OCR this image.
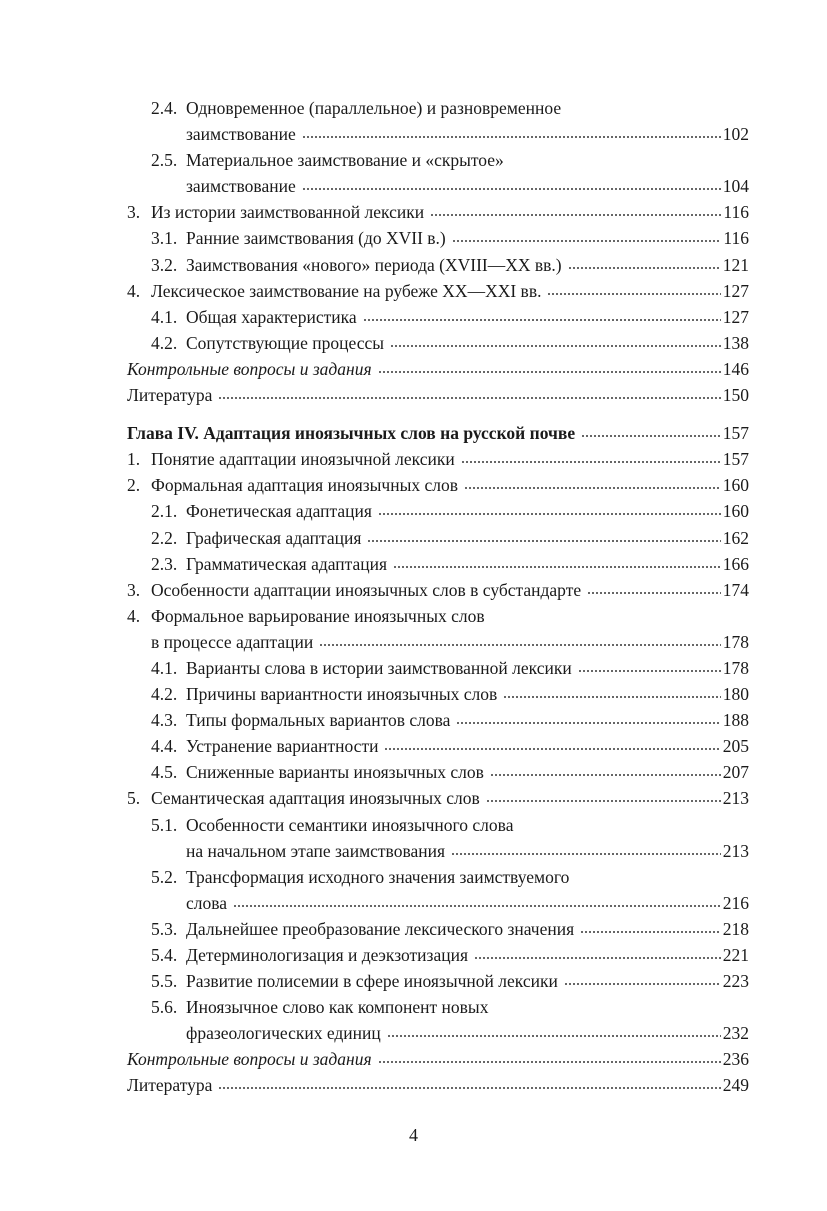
2.4. Одновременное (параллельное) и разновременное
заимствование	102
2.5. Материальное заимствование и «скрытое»
заимствование	104
3. Из истории заимствованной лексики	116
3.1. Ранние заимствования (до XVII в.)	116
3.2. Заимствования «нового» периода (XVIII—XX вв.)	121
4. Лексическое заимствование на рубеже XX—XXI вв.	127
4.1. Общая характеристика	127
4.2. Сопутствующие процессы	138
Контрольные вопросы и задания	146
Литература	150
Глава IV. Адаптация иноязычных слов на русской почве	157
1. Понятие адаптации иноязычной лексики	157
2. Формальная адаптация иноязычных слов	160
2.1. Фонетическая адаптация	160
2.2. Графическая адаптация	162
2.3. Грамматическая адаптация	166
3. Особенности адаптации иноязычных слов в субстандарте	174
4. Формальное варьирование иноязычных слов
в процессе адаптации	178
4.1. Варианты слова в истории заимствованной лексики	178
4.2. Причины вариантности иноязычных слов	180
4.3. Типы формальных вариантов слова	188
4.4. Устранение вариантности	205
4.5. Сниженные варианты иноязычных слов	207
5. Семантическая адаптация иноязычных слов	213
5.1. Особенности семантики иноязычного слова
на начальном этапе заимствования	213
5.2. Трансформация исходного значения заимствуемого
слова	216
5.3. Дальнейшее преобразование лексического значения	218
5.4. Детерминологизация и деэкзотизация	221
5.5. Развитие полисемии в сфере иноязычной лексики	223
5.6. Иноязычное слово как компонент новых
фразеологических единиц	232
Контрольные вопросы и задания	236
Литература	249
4
